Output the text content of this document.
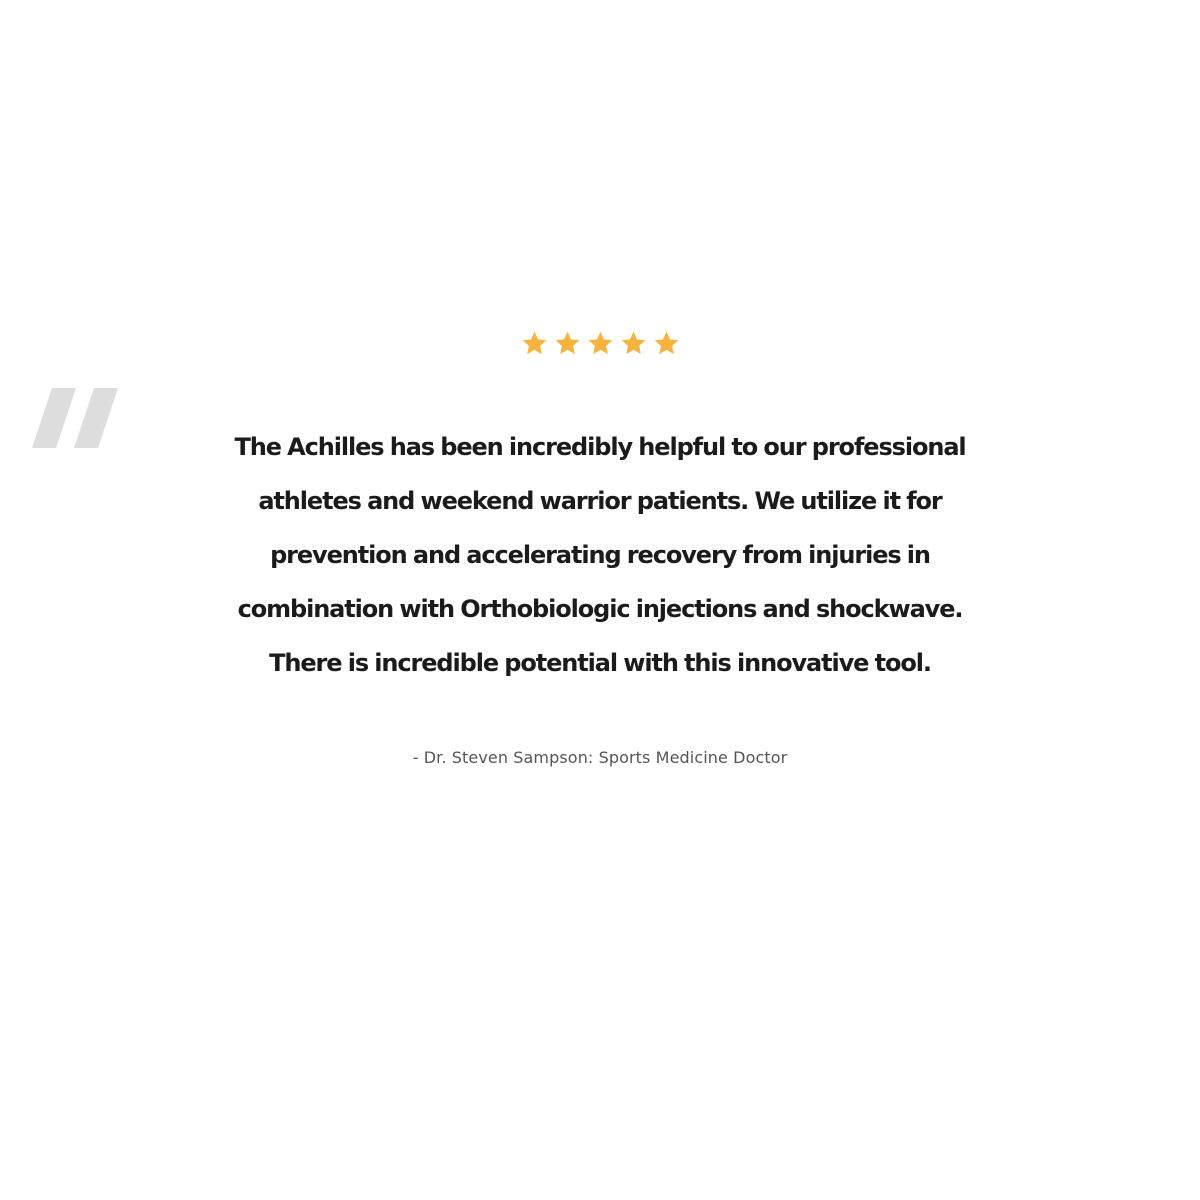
The Achilles has been incredibly helpful to our professional
athletes and weekend warrior patients. We utilize it for
prevention and accelerating recovery from injuries in
combination with Orthobiologic injections and shockwave.
There is incredible potential with this innovative tool.

- Dr. Steven Sampson: Sports Medicine Doctor
